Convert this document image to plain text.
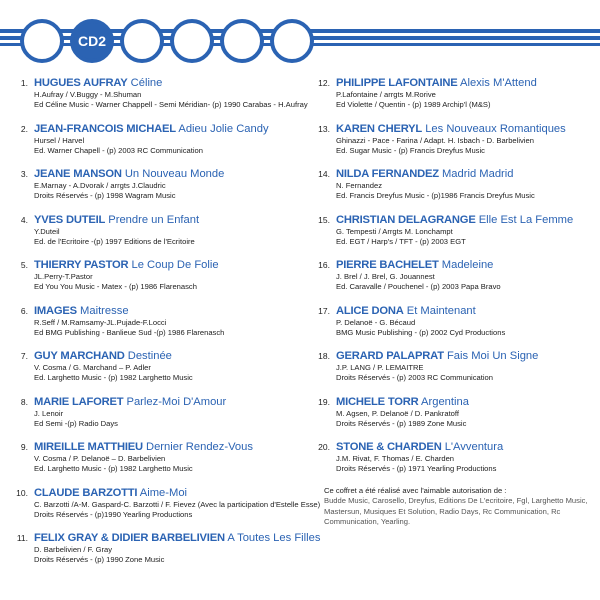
CD2
1. HUGUES AUFRAY Céline
H.Aufray / V.Buggy - M.Shuman
Ed Céline Music - Warner Chappell - Semi Méridian- (p) 1990 Carabas - H.Aufray
2. JEAN-FRANCOIS MICHAEL Adieu Jolie Candy
Hursel / Harvel
Ed. Warner Chapell - (p) 2003 RC Communication
3. JEANE MANSON Un Nouveau Monde
E.Marnay - A.Dvorak / arrgts J.Claudric
Droits Réservés - (p) 1998 Wagram Music
4. YVES DUTEIL Prendre un Enfant
Y.Duteil
Ed. de l'Ecritoire -(p) 1997 Editions de l'Ecritoire
5. THIERRY PASTOR Le Coup De Folie
JL.Perry-T.Pastor
Ed You You Music - Matex - (p) 1986 Flarenasch
6. IMAGES Maitresse
R.Seff / M.Ramsamy-JL.Pujade-F.Locci
Ed BMG Publishing - Banlieue Sud -(p) 1986 Flarenasch
7. GUY MARCHAND Destinée
V. Cosma / G. Marchand – P. Adler
Ed. Larghetto Music - (p) 1982 Larghetto Music
8. MARIE LAFORET Parlez-Moi D'Amour
J. Lenoir
Ed Semi -(p) Radio Days
9. MIREILLE MATTHIEU Dernier Rendez-Vous
V. Cosma / P. Delanoë – D. Barbelivien
Ed. Larghetto Music - (p) 1982 Larghetto Music
10. CLAUDE BARZOTTI Aime-Moi
C. Barzotti /A-M. Gaspard-C. Barzotti / F. Fievez (Avec la participation d'Estelle Esse)
Droits Réservés - (p)1990 Yearling Productions
11. FELIX GRAY & DIDIER BARBELIVIEN A Toutes Les Filles
D. Barbelivien / F. Gray
Droits Réservés - (p) 1990 Zone Music
12. PHILIPPE LAFONTAINE Alexis M'Attend
P.Lafontaine / arrgts M.Rorive
Ed Violette / Quentin - (p) 1989 Archip'l (M&S)
13. KAREN CHERYL Les Nouveaux Romantiques
Ghinazzi - Pace - Farina / Adapt. H. Isbach - D. Barbelivien
Ed. Sugar Music - (p) Francis Dreyfus Music
14. NILDA FERNANDEZ Madrid Madrid
N. Fernandez
Ed. Francis Dreyfus Music - (p)1986 Francis Dreyfus Music
15. CHRISTIAN DELAGRANGE Elle Est La Femme
G. Tempesti / Arrgts M. Lonchampt
Ed. EGT / Harp's / TFT - (p) 2003 EGT
16. PIERRE BACHELET Madeleine
J. Brel / J. Brel, G. Jouannest
Ed. Caravalle / Pouchenel - (p) 2003 Papa Bravo
17. ALICE DONA Et Maintenant
P. Delanoë - G. Bécaud
BMG Music Publishing - (p) 2002 Cyd Productions
18. GERARD PALAPRAT Fais Moi Un Signe
J.P. LANG / P. LEMAITRE
Droits Réservés - (p) 2003 RC Communication
19. MICHELE TORR Argentina
M. Agsen, P. Delanoë / D. Pankratoff
Droits Réservés - (p) 1989 Zone Music
20. STONE & CHARDEN L'Avventura
J.M. Rivat, F. Thomas / E. Charden
Droits Réservés - (p) 1971 Yearling Productions
Ce coffret a été réalisé avec l'aimable autorisation de :
Budde Music, Carosello, Dreyfus, Editions De L'ecritoire, Fgl, Larghetto Music,
Mastersun, Musiques Et Solution, Radio Days, Rc Communication, Rc
Communication, Yearling.
